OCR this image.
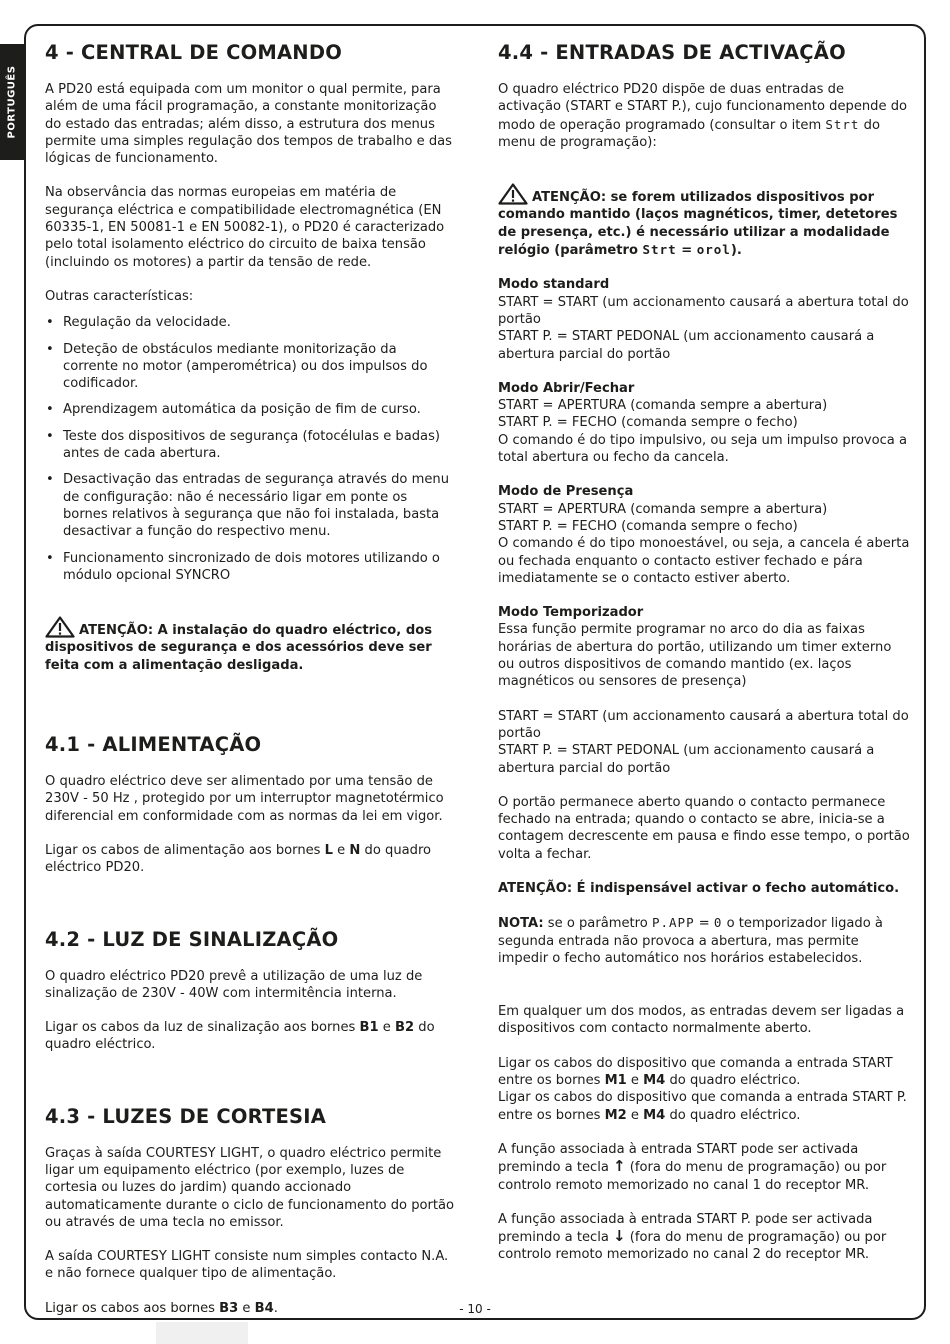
PORTUGUÊS
4 - CENTRAL DE COMANDO

A PD20 está equipada com um monitor o qual permite, para além de uma fácil programação, a constante monitorização do estado das entradas; além disso, a estrutura dos menus permite uma simples regulação dos tempos de trabalho e das lógicas de funcionamento.

Na observância das normas europeias em matéria de segurança eléctrica e compatibilidade electromagnética (EN 60335-1, EN 50081-1 e EN 50082-1), o PD20 é caracterizado pelo total isolamento eléctrico do circuito de baixa tensão (incluindo os motores) a partir da tensão de rede.

Outras características:

• Regulação da velocidade.
• Deteção de obstáculos mediante monitorização da corrente no motor (amperométrica) ou dos impulsos do codificador.
• Aprendizagem automática da posição de fim de curso.
• Teste dos dispositivos de segurança (fotocélulas e badas) antes de cada abertura.
• Desactivação das entradas de segurança através do menu de configuração: não é necessário ligar em ponte os bornes relativos à segurança que não foi instalada, basta desactivar a função do respectivo menu.
• Funcionamento sincronizado de dois motores utilizando o módulo opcional SYNCRO

ATENÇÃO: A instalação do quadro eléctrico, dos dispositivos de segurança e dos acessórios deve ser feita com a alimentação desligada.

4.1 - ALIMENTAÇÃO

O quadro eléctrico deve ser alimentado por uma tensão de 230V - 50 Hz , protegido por um interruptor magnetotérmico diferencial em conformidade com as normas da lei em vigor.

Ligar os cabos de alimentação aos bornes L e N do quadro eléctrico PD20.

4.2 - LUZ DE SINALIZAÇÃO

O quadro eléctrico PD20 prevê a utilização de uma luz de sinalização de 230V - 40W com intermitência interna.

Ligar os cabos da luz de sinalização aos bornes B1 e B2 do quadro eléctrico.

4.3 - LUZES DE CORTESIA

Graças à saída COURTESY LIGHT, o quadro eléctrico permite ligar um equipamento eléctrico (por exemplo, luzes de cortesia ou luzes do jardim) quando accionado automaticamente durante o ciclo de funcionamento do portão ou através de uma tecla no emissor.

A saída COURTESY LIGHT consiste num simples contacto N.A. e não fornece qualquer tipo de alimentação.

Ligar os cabos aos bornes B3 e B4.

4.4 - ENTRADAS DE ACTIVAÇÃO

O quadro eléctrico PD20 dispõe de duas entradas de activação (START e START P.), cujo funcionamento depende do modo de operação programado (consultar o item Strt do menu de programação):

ATENÇÃO: se forem utilizados dispositivos por comando mantido (laços magnéticos, timer, detetores de presença, etc.) é necessário utilizar a modalidade relógio (parâmetro Strt = orol).

Modo standard

START = START (um accionamento causará a abertura total do portão

START P. = START PEDONAL (um accionamento causará a abertura parcial do portão

Modo Abrir/Fechar

START = APERTURA (comanda sempre a abertura)

START P. = FECHO (comanda sempre o fecho)

O comando é do tipo impulsivo, ou seja um impulso provoca a total abertura ou fecho da cancela.

Modo de Presença

START = APERTURA (comanda sempre a abertura)

START P. = FECHO (comanda sempre o fecho)

O comando é do tipo monoestável, ou seja, a cancela é aberta ou fechada enquanto o contacto estiver fechado e pára imediatamente se o contacto estiver aberto.

Modo Temporizador

Essa função permite programar no arco do dia as faixas horárias de abertura do portão, utilizando um timer externo ou outros dispositivos de comando mantido (ex. laços magnéticos ou sensores de presença)

START = START (um accionamento causará a abertura total do portão

START P. = START PEDONAL (um accionamento causará a abertura parcial do portão

O portão permanece aberto quando o contacto permanece fechado na entrada; quando o contacto se abre, inicia-se a contagem decrescente em pausa e findo esse tempo, o portão volta a fechar.

ATENÇÃO: É indispensável activar o fecho automático.

NOTA: se o parâmetro P.APP = 0 o temporizador ligado à segunda entrada não provoca a abertura, mas permite impedir o fecho automático nos horários estabelecidos.

Em qualquer um dos modos, as entradas devem ser ligadas a dispositivos com contacto normalmente aberto.

Ligar os cabos do dispositivo que comanda a entrada START entre os bornes M1 e M4 do quadro eléctrico.

Ligar os cabos do dispositivo que comanda a entrada START P. entre os bornes M2 e M4 do quadro eléctrico.

A função associada à entrada START pode ser activada premindo a tecla ↑ (fora do menu de programação) ou por controlo remoto memorizado no canal 1 do receptor MR.

A função associada à entrada START P. pode ser activada premindo a tecla ↓ (fora do menu de programação) ou por controlo remoto memorizado no canal 2 do receptor MR.

- 10 -
